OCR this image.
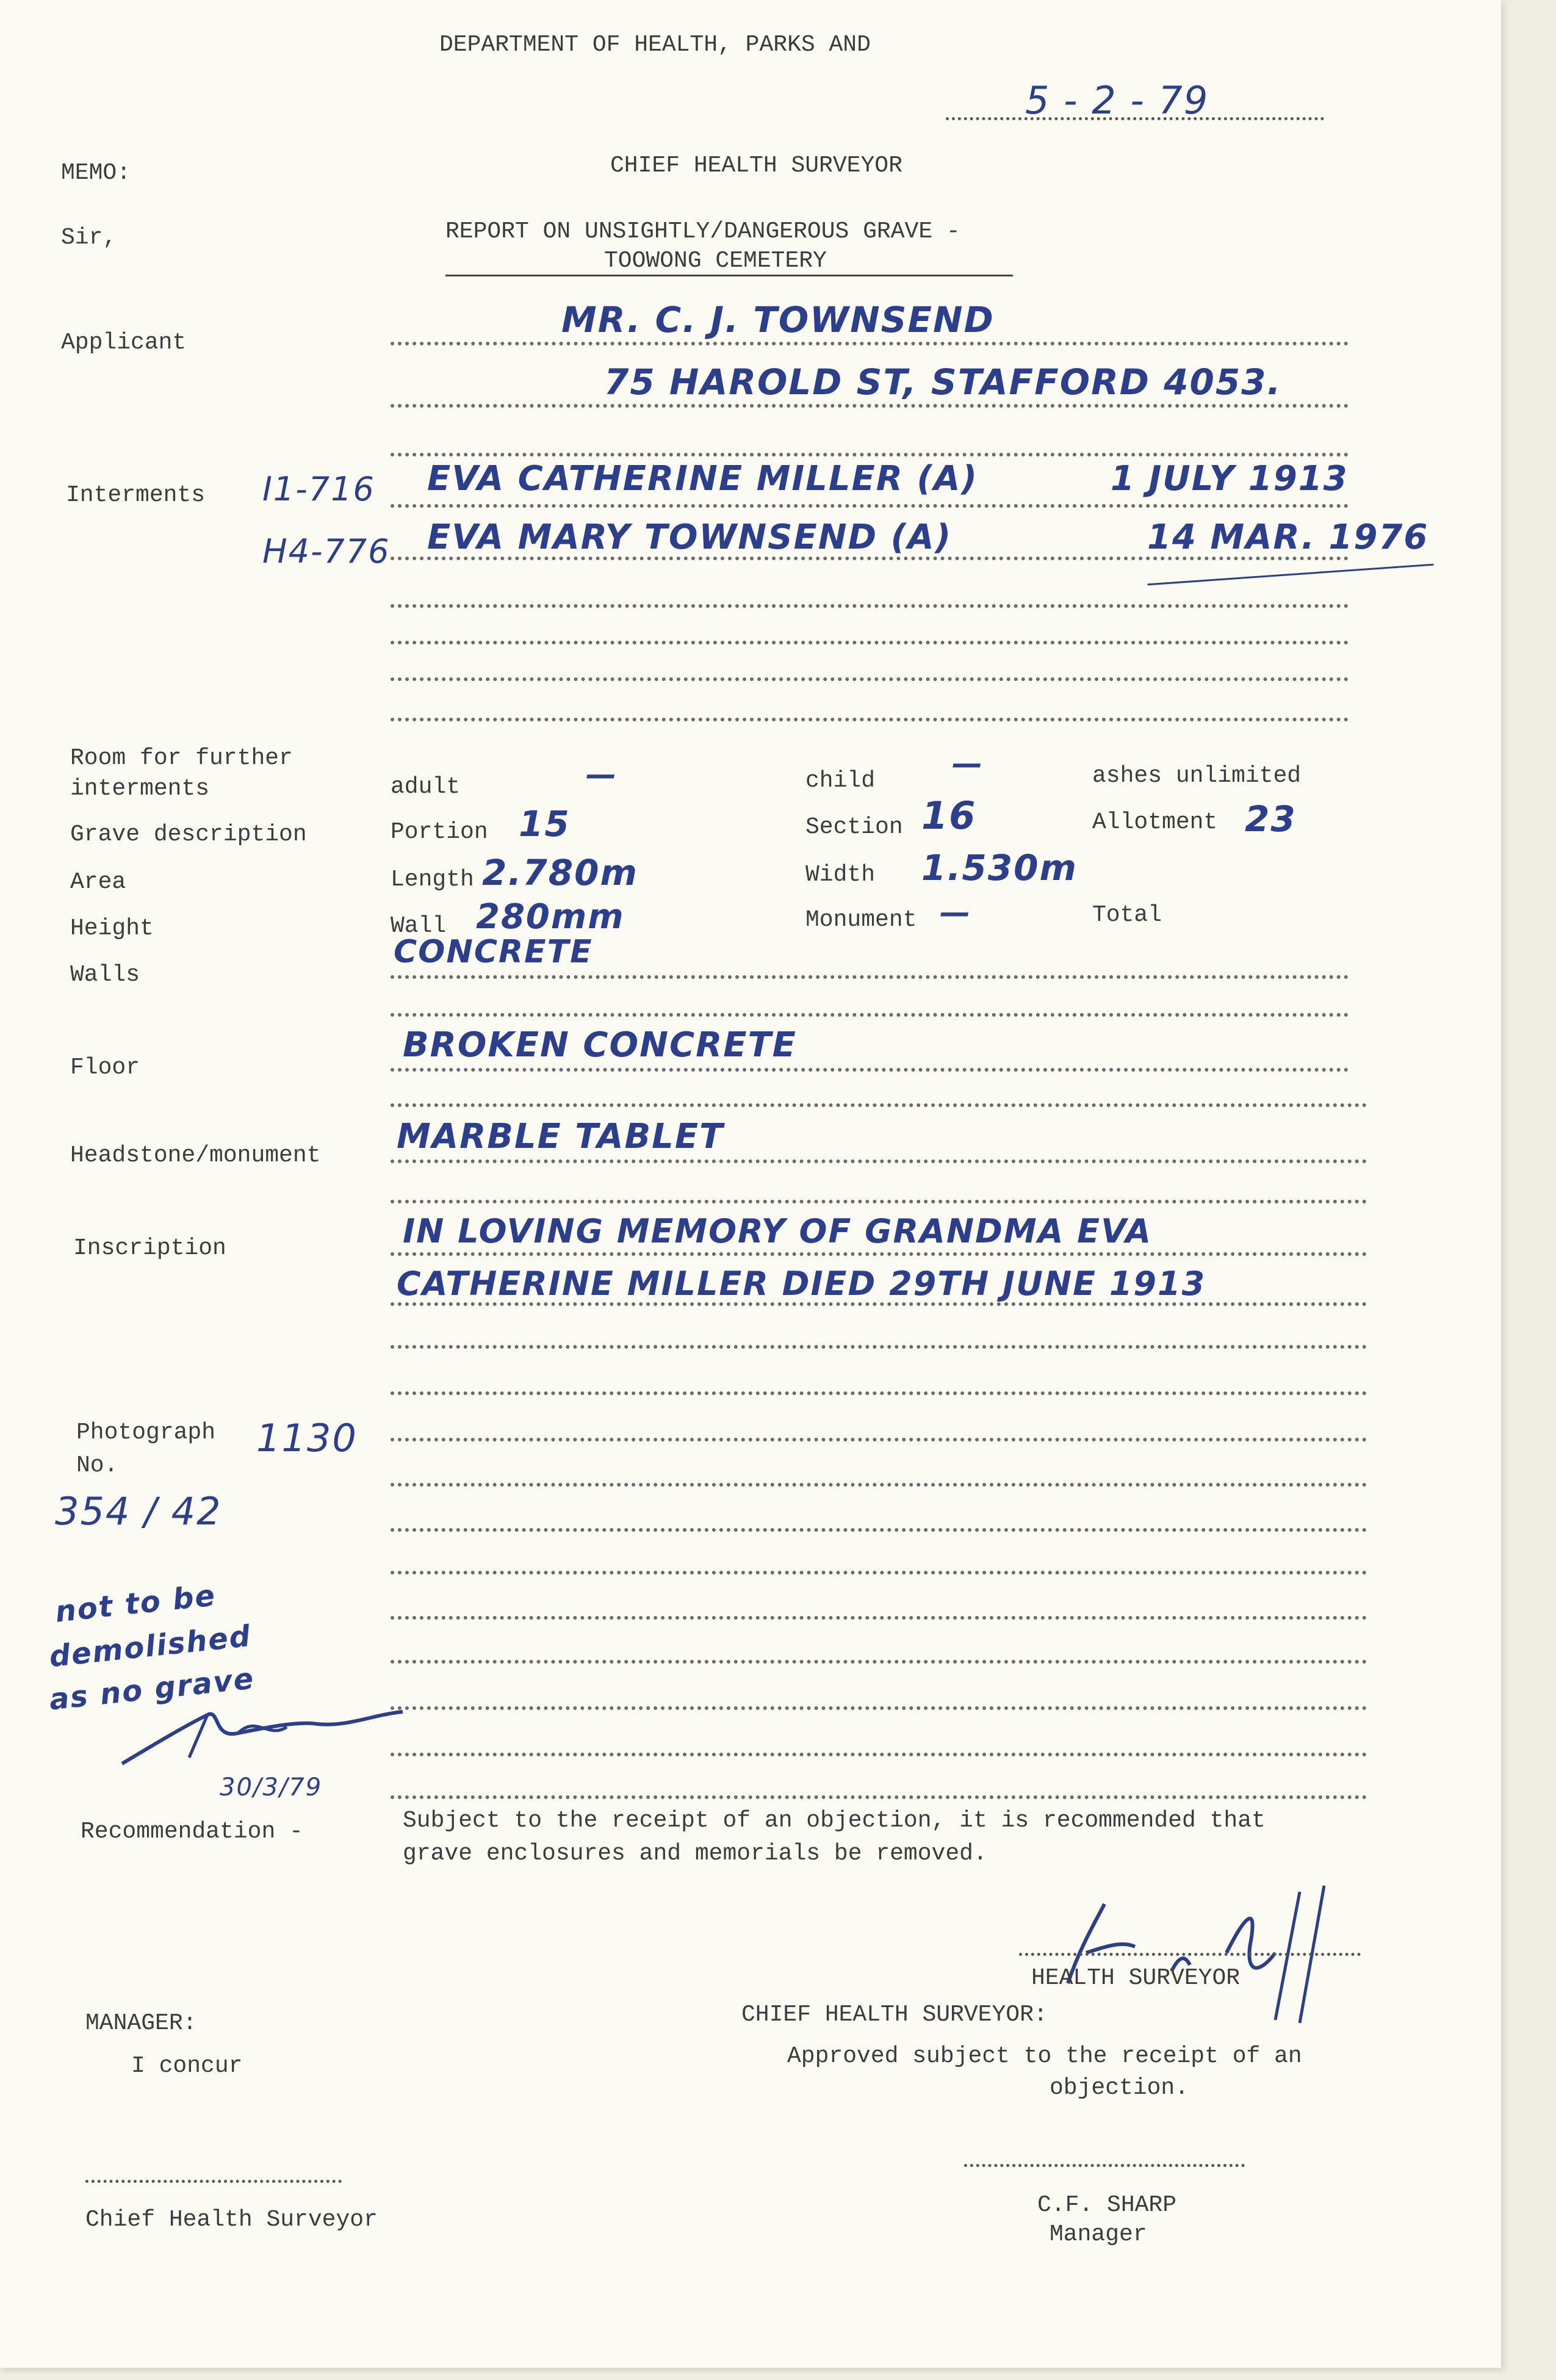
DEPARTMENT OF HEALTH, PARKS AND
5 - 2 - 79
MEMO:	CHIEF HEALTH SURVEYOR
Sir,	REPORT ON UNSIGHTLY/DANGEROUS GRAVE -
TOOWONG CEMETERY
Applicant
MR. C. J. TOWNSEND
75 HAROLD ST, STAFFORD 4053.
Interments I1-716 EVA CATHERINE MILLER (A)	1 JULY 1913
H4-776 EVA MARY TOWNSEND (A)	14 MAR. 1976
Room for further interments	adult	—	child	—	ashes unlimited
Grave description	Portion 15	Section 16	Allotment 23
Area	Length 2.780m	Width 1.530m
Height	Wall 280mm	Monument —	Total
Walls
CONCRETE
Floor
BROKEN CONCRETE
Headstone/monument MARBLE TABLET
Inscription	IN LOVING MEMORY OF GRANDMA EVA
CATHERINE MILLER DIED 29TH JUNE 1913
Photograph
No.
1130
354 / 42
not to be
demolished
as no grave
30/3/79
Recommendation -	Subject to the receipt of an objection, it is recommended that
grave enclosures and memorials be removed.
HEALTH SURVEYOR
MANAGER:
I concur
Chief Health Surveyor
CHIEF HEALTH SURVEYOR:
Approved subject to the receipt of an
objection.
C.F. SHARP
Manager
